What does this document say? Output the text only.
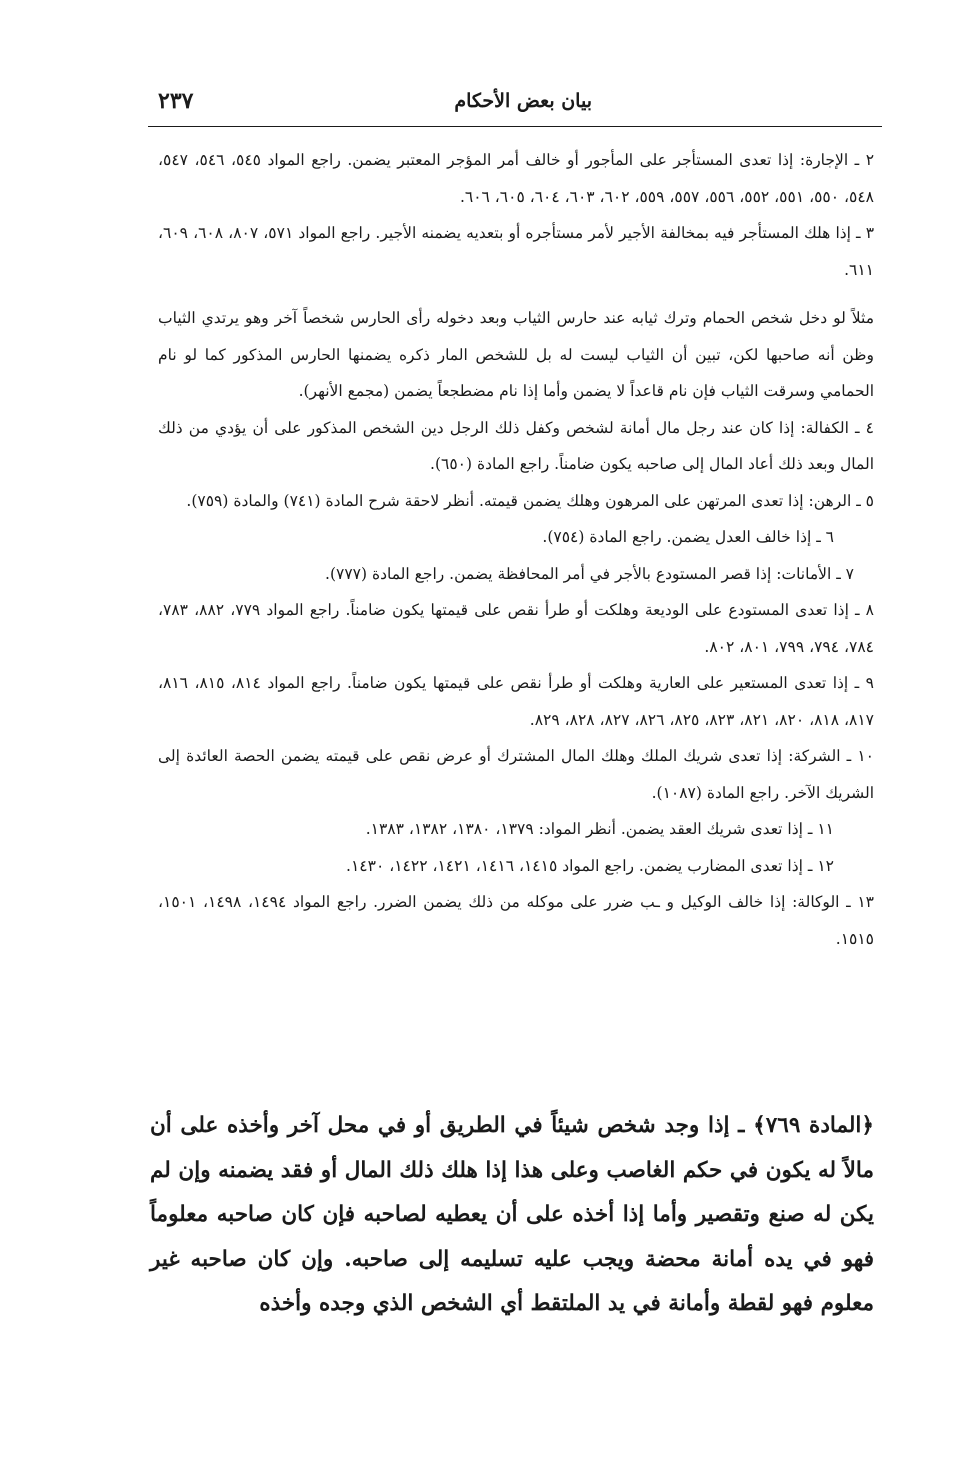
بيان بعض الأحكام
٢٣٧

٢ ـ الإجارة: إذا تعدى المستأجر على المأجور أو خالف أمر المؤجر المعتبر يضمن. راجع المواد ٥٤٥، ٥٤٦، ٥٤٧، ٥٤٨، ٥٥٠، ٥٥١، ٥٥٢، ٥٥٦، ٥٥٧، ٥٥٩، ٦٠٢، ٦٠٣، ٦٠٤، ٦٠٥، ٦٠٦.

٣ ـ إذا هلك المستأجر فيه بمخالفة الأجير لأمر مستأجره أو بتعديه يضمنه الأجير. راجع المواد ٥٧١، ٨٠٧، ٦٠٨، ٦٠٩، ٦١١.

مثلاً لو دخل شخص الحمام وترك ثيابه عند حارس الثياب وبعد دخوله رأى الحارس شخصاً آخر وهو يرتدي الثياب وظن أنه صاحبها لكن، تبين أن الثياب ليست له بل للشخص المار ذكره يضمنها الحارس المذكور كما لو نام الحمامي وسرقت الثياب فإن نام قاعداً لا يضمن وأما إذا نام مضطجعاً يضمن (مجمع الأنهر).

٤ ـ الكفالة: إذا كان عند رجل مال أمانة لشخص وكفل ذلك الرجل دين الشخص المذكور على أن يؤدي من ذلك المال وبعد ذلك أعاد المال إلى صاحبه يكون ضامناً. راجع المادة (٦٥٠).

٥ ـ الرهن: إذا تعدى المرتهن على المرهون وهلك يضمن قيمته. أنظر لاحقة شرح المادة (٧٤١) والمادة (٧٥٩).

٦ ـ إذا خالف العدل يضمن. راجع المادة (٧٥٤).

٧ ـ الأمانات: إذا قصر المستودع بالأجر في أمر المحافظة يضمن. راجع المادة (٧٧٧).

٨ ـ إذا تعدى المستودع على الوديعة وهلكت أو طرأ نقص على قيمتها يكون ضامناً. راجع المواد ٧٧٩، ٨٨٢، ٧٨٣، ٧٨٤، ٧٩٤، ٧٩٩، ٨٠١، ٨٠٢.

٩ ـ إذا تعدى المستعير على العارية وهلكت أو طرأ نقص على قيمتها يكون ضامناً. راجع المواد ٨١٤، ٨١٥، ٨١٦، ٨١٧، ٨١٨، ٨٢٠، ٨٢١، ٨٢٣، ٨٢٥، ٨٢٦، ٨٢٧، ٨٢٨، ٨٢٩.

١٠ ـ الشركة: إذا تعدى شريك الملك وهلك المال المشترك أو عرض نقص على قيمته يضمن الحصة العائدة إلى الشريك الآخر. راجع المادة (١٠٨٧).

١١ ـ إذا تعدى شريك العقد يضمن. أنظر المواد: ١٣٧٩، ١٣٨٠، ١٣٨٢، ١٣٨٣.

١٢ ـ إذا تعدى المضارب يضمن. راجع المواد ١٤١٥، ١٤١٦، ١٤٢١، ١٤٢٢، ١٤٣٠.

١٣ ـ الوكالة: إذا خالف الوكيل و ـب ضرر على موكله من ذلك يضمن الضرر. راجع المواد ١٤٩٤، ١٤٩٨، ١٥٠١، ١٥١٥.

﴿المادة ٧٦٩﴾ ـ إذا وجد شخص شيئاً في الطريق أو في محل آخر وأخذه على أن مالاً له يكون في حكم الغاصب وعلى هذا إذا هلك ذلك المال أو فقد يضمنه وإن لم يكن له صنع وتقصير وأما إذا أخذه على أن يعطيه لصاحبه فإن كان صاحبه معلوماً فهو في يده أمانة محضة ويجب عليه تسليمه إلى صاحبه. وإن كان صاحبه غير معلوم فهو لقطة وأمانة في يد الملتقط أي الشخص الذي وجده وأخذه
